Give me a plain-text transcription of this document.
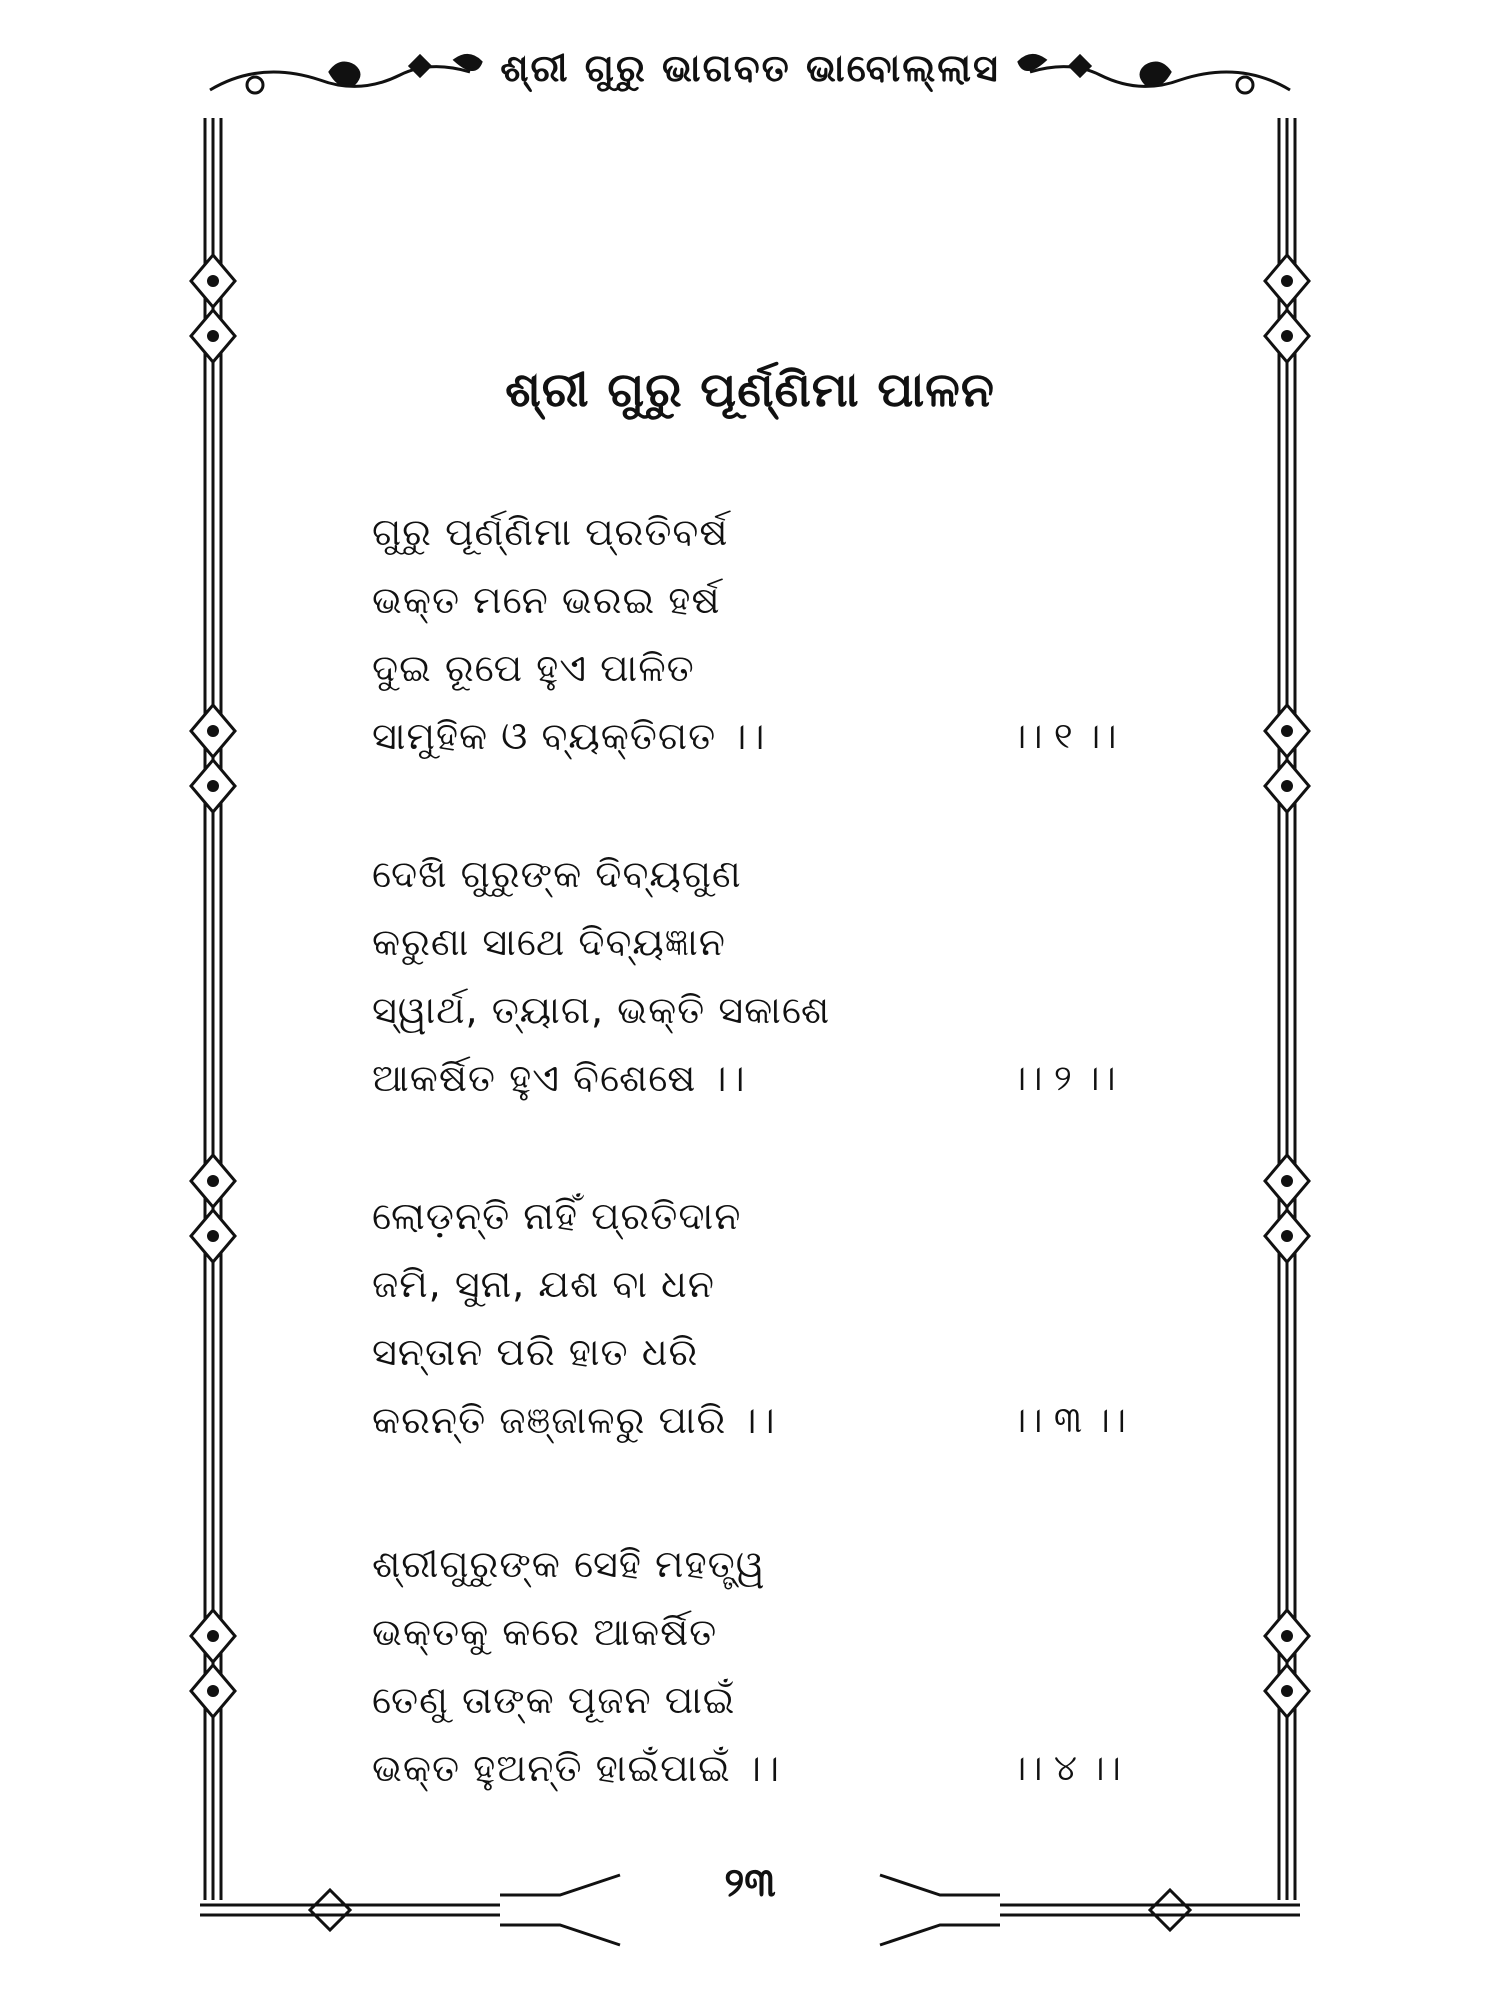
ଶ୍ରୀ ଗୁରୁ ଭାଗବତ ଭାବୋଲ୍ଲାସ
ଶ୍ରୀ ଗୁରୁ ପୂର୍ଣ୍ଣିମା ପାଳନ
ଗୁରୁ ପୂର୍ଣ୍ଣିମା ପ୍ରତିବର୍ଷ
ଭକ୍ତ ମନେ ଭରଇ ହର୍ଷ
ଦୁଇ ରୂପେ ହୁଏ ପାଳିତ
ସାମୁହିକ ଓ ବ୍ୟକ୍ତିଗତ ।।	।। ୧ ।।
ଦେଖି ଗୁରୁଙ୍କ ଦିବ୍ୟଗୁଣ
କରୁଣା ସାଥେ ଦିବ୍ୟଜ୍ଞାନ
ସ୍ୱାର୍ଥ, ତ୍ୟାଗ, ଭକ୍ତି ସକାଶେ
ଆକର୍ଷିତ ହୁଏ ବିଶେଷେ ।।	।। ୨ ।।
ଲୋଡ଼ନ୍ତି ନାହିଁ ପ୍ରତିଦାନ
ଜମି, ସୁନା, ଯଶ ବା ଧନ
ସନ୍ତାନ ପରି ହାତ ଧରି
କରନ୍ତି ଜଞ୍ଜାଳରୁ ପାରି ।।	।। ୩ ।।
ଶ୍ରୀଗୁରୁଙ୍କ ସେହି ମହତ୍ତ୍ୱ
ଭକ୍ତକୁ କରେ ଆକର୍ଷିତ
ତେଣୁ ତାଙ୍କ ପୂଜନ ପାଇଁ
ଭକ୍ତ ହୁଅନ୍ତି ହାଇଁପାଇଁ ।।	।। ୪ ।।
୨୩
